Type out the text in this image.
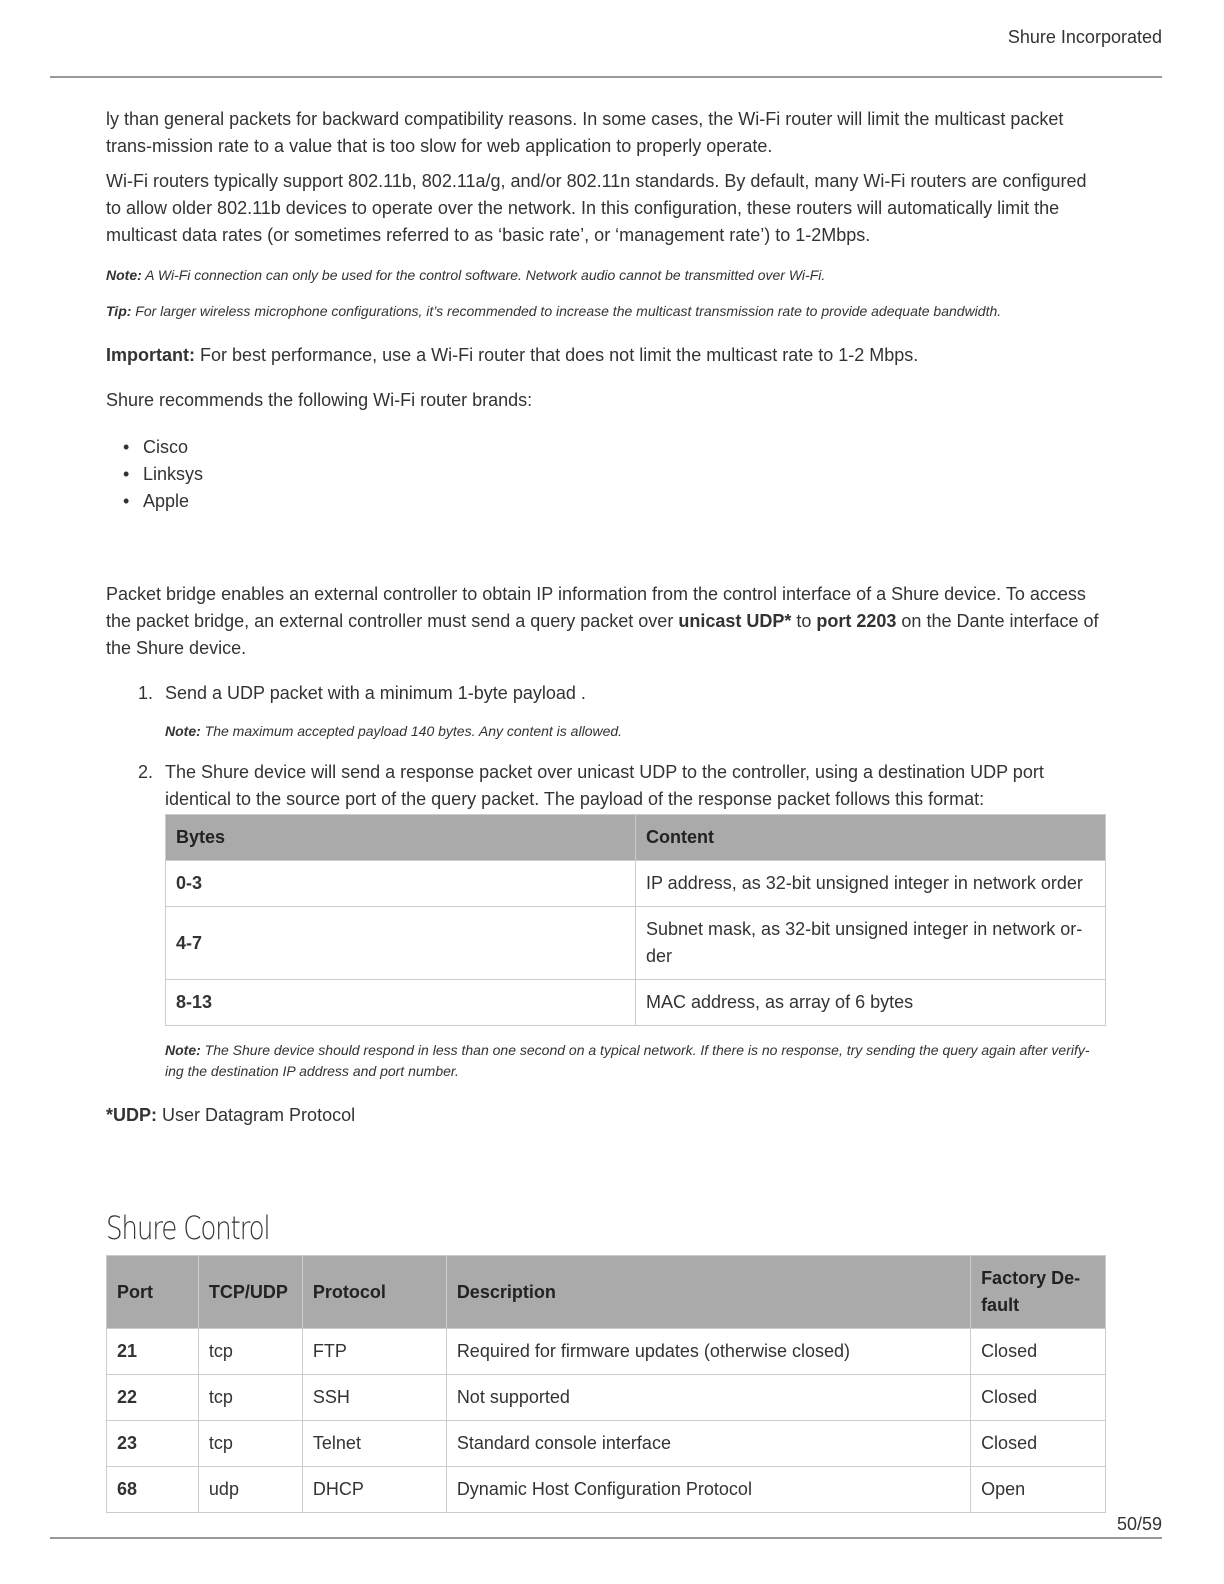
Shure Incorporated

ly than general packets for backward compatibility reasons. In some cases, the Wi-Fi router will limit the multicast packet trans-mission rate to a value that is too slow for web application to properly operate.

Wi-Fi routers typically support 802.11b, 802.11a/g, and/or 802.11n standards. By default, many Wi-Fi routers are configured to allow older 802.11b devices to operate over the network. In this configuration, these routers will automatically limit the multicast data rates (or sometimes referred to as ‘basic rate’, or ‘management rate’) to 1-2Mbps.

Note: A Wi-Fi connection can only be used for the control software. Network audio cannot be transmitted over Wi-Fi.

Tip: For larger wireless microphone configurations, it’s recommended to increase the multicast transmission rate to provide adequate bandwidth.

Important: For best performance, use a Wi-Fi router that does not limit the multicast rate to 1-2 Mbps.

Shure recommends the following Wi-Fi router brands:

• Cisco
• Linksys
• Apple

Packet bridge enables an external controller to obtain IP information from the control interface of a Shure device. To access the packet bridge, an external controller must send a query packet over unicast UDP* to port 2203 on the Dante interface of the Shure device.

1. Send a UDP packet with a minimum 1-byte payload .

Note: The maximum accepted payload 140 bytes. Any content is allowed.

2. The Shure device will send a response packet over unicast UDP to the controller, using a destination UDP port identical to the source port of the query packet. The payload of the response packet follows this format:

Bytes	Content
0-3	IP address, as 32-bit unsigned integer in network order
4-7	Subnet mask, as 32-bit unsigned integer in network or-der
8-13	MAC address, as array of 6 bytes

Note: The Shure device should respond in less than one second on a typical network. If there is no response, try sending the query again after verify-ing the destination IP address and port number.

*UDP: User Datagram Protocol

Shure Control
Port	TCP/UDP	Protocol	Description	Factory De-fault
21	tcp	FTP	Required for firmware updates (otherwise closed)	Closed
22	tcp	SSH	Not supported	Closed
23	tcp	Telnet	Standard console interface	Closed
68	udp	DHCP	Dynamic Host Configuration Protocol	Open
50/59
